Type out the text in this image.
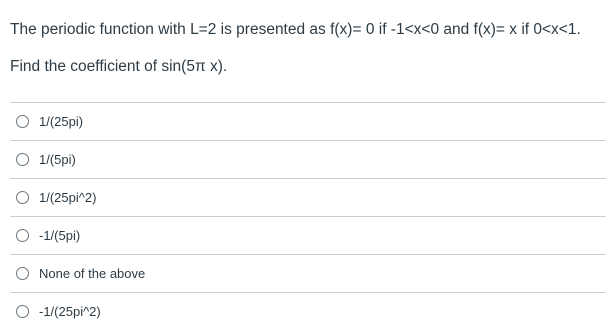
The periodic function with L=2 is presented as f(x)= 0 if -1<x<0 and f(x)= x if 0<x<1.

Find the coefficient of sin(5π x).

1/(25pi)
1/(5pi)
1/(25pi^2)
-1/(5pi)
None of the above
-1/(25pi^2)
